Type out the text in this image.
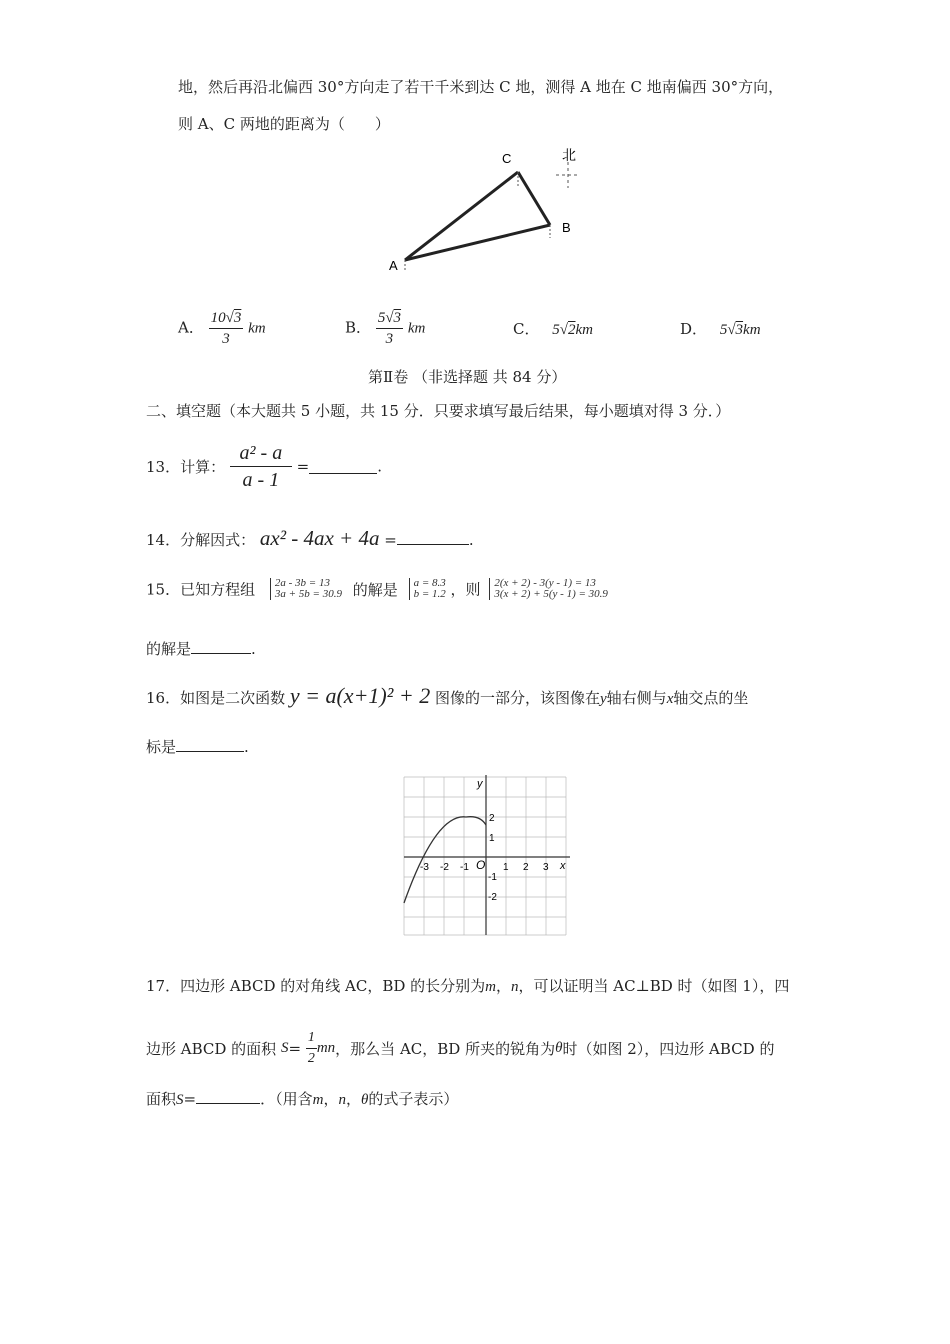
地，然后再沿北偏西 30°方向走了若干千米到达 C 地，测得 A 地在 C 地南偏西 30°方向，
则 A、C 两地的距离为（　　）
C
B
A
北
A． $\frac{10√3}{3}$ km	B． $\frac{5√3}{3}$ km	C． 5√2km	D． 5√3km
第Ⅱ卷 （非选择题 共 84 分）
二、填空题（本大题共 5 小题，共 15 分．只要求填写最后结果，每小题填对得 3 分．）
13．计算： $\frac{\text{a² - a}}{a - 1}$ =	.
14．分解因式： ax² - 4ax + 4a =	.
15．已知方程组 2a - 3b = 13
3a + 5b = 30.9 的解是 a = 8.3
b = 1.2 ，则 2(x + 2) - 3(y - 1) = 13
3(x + 2) + 5(y - 1) = 30.9
的解是	.
16．如图是二次函数 y = a(x+1)² + 2 图像的一部分，该图像在y轴右侧与x轴交点的坐
标是	.
y
x
O
-3 -2 -1	1 2 3
2
1
-1
-2
17．四边形 ABCD 的对角线 AC，BD 的长分别为m，n，可以证明当 AC⊥BD 时（如图 1），四
边形 ABCD 的面积 $S= \frac{1}{2}$ mn，那么当 AC，BD 所夹的锐角为θ时（如图 2），四边形 ABCD 的
面积S=	．（用含m，n，θ的式子表示）
